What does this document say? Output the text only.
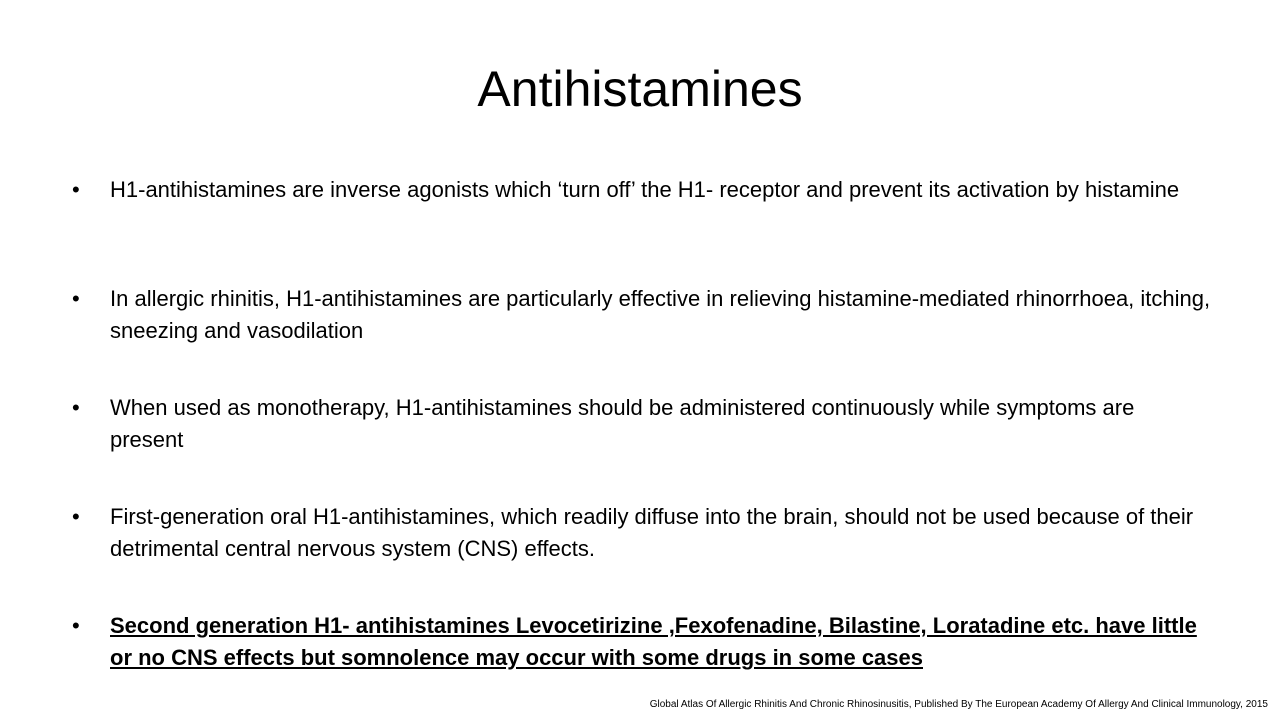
Antihistamines
• H1-antihistamines are inverse agonists which ‘turn off’ the H1- receptor and prevent its activation by histamine
• In allergic rhinitis, H1-antihistamines are particularly effective in relieving histamine-mediated rhinorrhoea, itching, sneezing and vasodilation
• When used as monotherapy, H1-antihistamines should be administered continuously while symptoms are present
• First-generation oral H1-antihistamines, which readily diffuse into the brain, should not be used because of their detrimental central nervous system (CNS) effects.
• Second generation H1- antihistamines Levocetirizine ,Fexofenadine, Bilastine, Loratadine etc. have little or no CNS effects but somnolence may occur with some drugs in some cases
Global Atlas Of Allergic Rhinitis And Chronic Rhinosinusitis, Published By The European Academy Of Allergy And Clinical Immunology, 2015
